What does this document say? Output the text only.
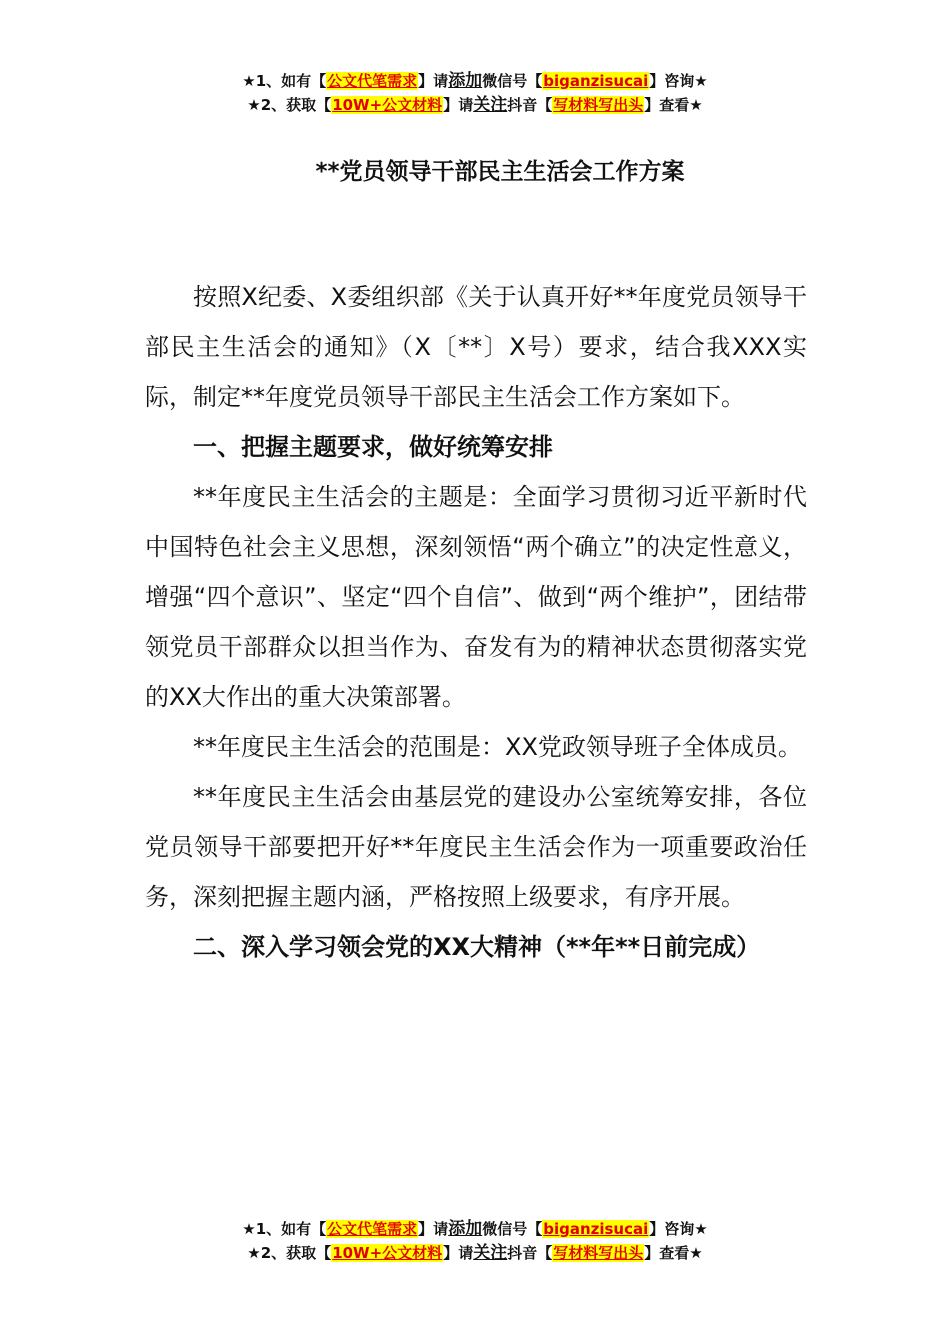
★1、如有【公文代笔需求】请添加微信号【biganzisucai】咨询★
★2、获取【10W+公文材料】请关注抖音【写材料写出头】查看★
**党员领导干部民主生活会工作方案

按照X纪委、X委组织部《关于认真开好**年度党员领导干部民主生活会的通知》（X〔**〕X号）要求，结合我XXX实际，制定**年度党员领导干部民主生活会工作方案如下。

一、把握主题要求，做好统筹安排

**年度民主生活会的主题是：全面学习贯彻习近平新时代中国特色社会主义思想，深刻领悟“两个确立”的决定性意义，增强“四个意识”、坚定“四个自信”、做到“两个维护”，团结带领党员干部群众以担当作为、奋发有为的精神状态贯彻落实党的XX大作出的重大决策部署。

**年度民主生活会的范围是：XX党政领导班子全体成员。

**年度民主生活会由基层党的建设办公室统筹安排，各位党员领导干部要把开好**年度民主生活会作为一项重要政治任务，深刻把握主题内涵，严格按照上级要求，有序开展。

二、深入学习领会党的XX大精神（**年**日前完成）

★1、如有【公文代笔需求】请添加微信号【biganzisucai】咨询★
★2、获取【10W+公文材料】请关注抖音【写材料写出头】查看★
